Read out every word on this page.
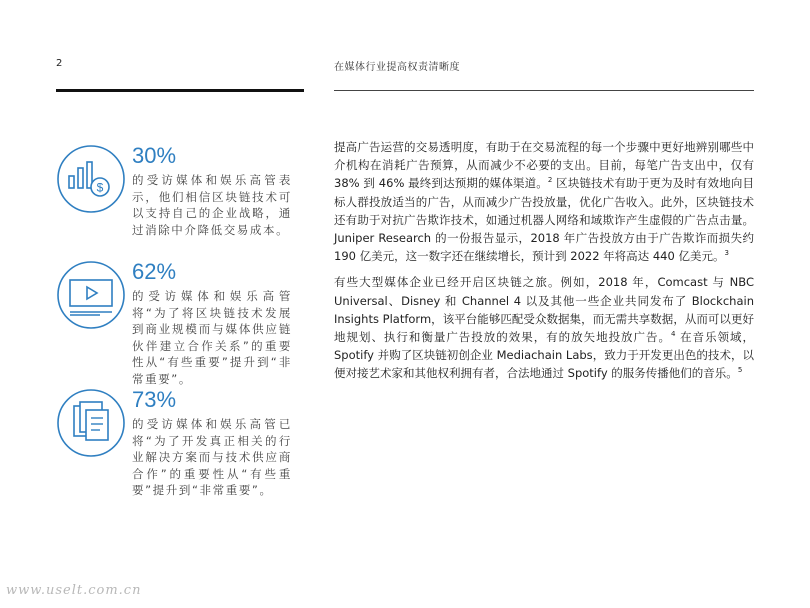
2	在媒体行业提高权责清晰度
$
30%
的受访媒体和娱乐高管表示，他们相信区块链技术可以支持自己的企业战略，通过消除中介降低交易成本。
62%
的受访媒体和娱乐高管将“为了将区块链技术发展到商业规模而与媒体供应链伙伴建立合作关系”的重要性从“有些重要”提升到“非常重要”。
73%
的受访媒体和娱乐高管已将“为了开发真正相关的行业解决方案而与技术供应商合作”的重要性从“有些重要”提升到“非常重要”。

提高广告运营的交易透明度，有助于在交易流程的每一个步骤中更好地辨别哪些中介机构在消耗广告预算，从而减少不必要的支出。目前，每笔广告支出中，仅有 38% 到 46% 最终到达预期的媒体渠道。$^2$ 区块链技术有助于更为及时有效地向目标人群投放适当的广告，从而减少广告投放量，优化广告收入。此外，区块链技术还有助于对抗广告欺诈技术，如通过机器人网络和域欺诈产生虚假的广告点击量。Juniper Research 的一份报告显示，2018 年广告投放方由于广告欺诈而损失约 190 亿美元，这一数字还在继续增长，预计到 2022 年将高达 440 亿美元。$^3$

有些大型媒体企业已经开启区块链之旅。例如，2018 年，Comcast 与 NBC Universal、Disney 和 Channel 4 以及其他一些企业共同发布了 Blockchain Insights Platform，该平台能够匹配受众数据集，而无需共享数据，从而可以更好地规划、执行和衡量广告投放的效果，有的放矢地投放广告。$^4$ 在音乐领域，Spotify 并购了区块链初创企业 Mediachain Labs，致力于开发更出色的技术，以便对接艺术家和其他权利拥有者，合法地通过 Spotify 的服务传播他们的音乐。$^5$

www.uselt.com.cn
